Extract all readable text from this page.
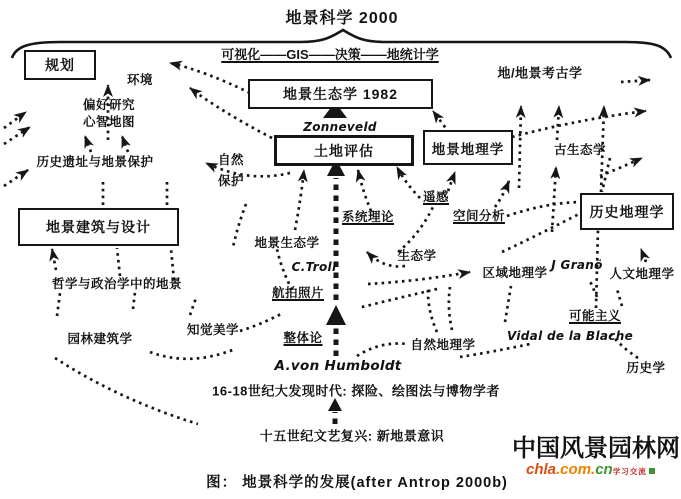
地景科学 2000
可视化——GIS——决策——地统计学
规划
地景生态学 1982
土地评估	地景地理学
历史地理学
地景建筑与设计
环境
偏好研究
心智地图
历史遗址与地景保护	自然
保护
哲学与政治学中的地景
园林建筑学
知觉美学
Zonneveld
地景生态学
C.Troll
航拍照片
整体论
A.von Humboldt
系统理论
生态学
自然地理学
地/地景考古学
古生态学
遥感
空间分析
区域地理学
J Granö
人文地理学
可能主义
Vidal de la Blache
历史学
16-18世纪大发现时代: 探险、绘图法与博物学者
十五世纪文艺复兴: 新地景意识
图： 地景科学的发展(after Antrop 2000b)
中国风景园林网
chla.com.cn学习交流
